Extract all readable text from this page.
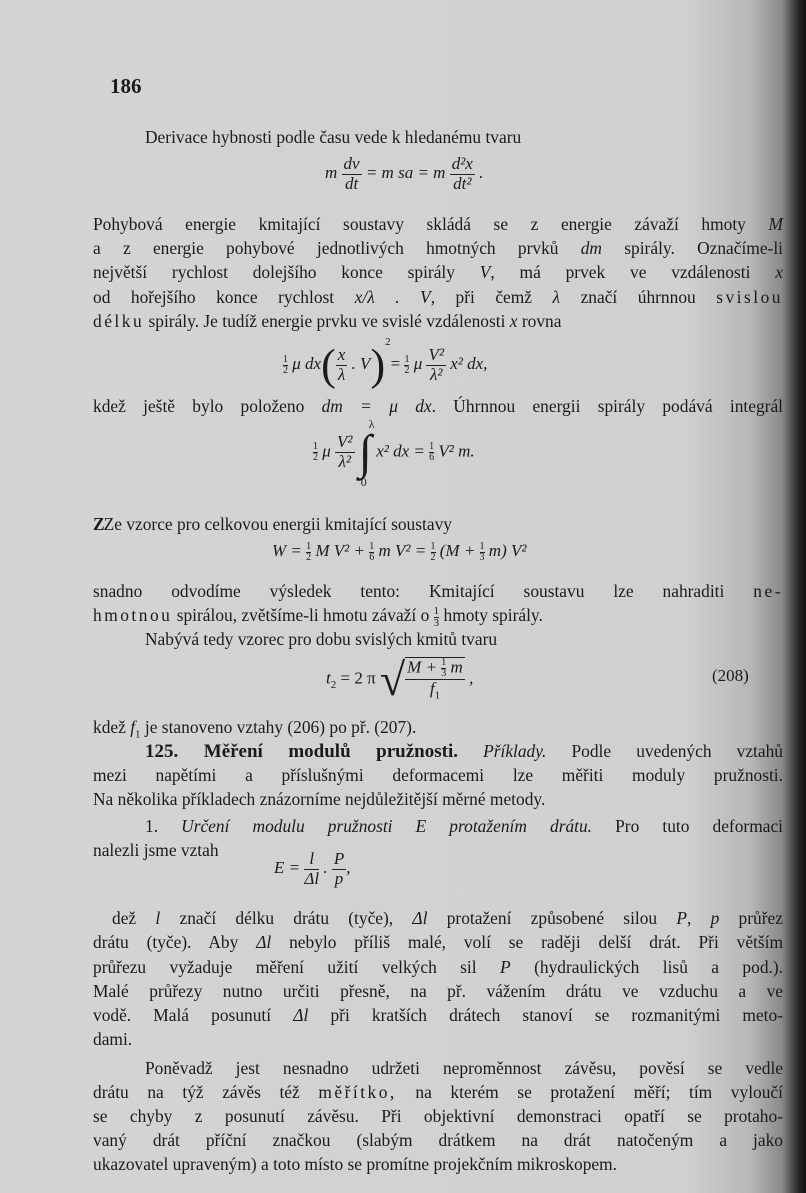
186
Derivace hybnosti podle času vede k hledanému tvaru
m $\frac{dv}{dt} = m$ sa = m $\frac{\text{d²x}}{\text{dt²}}$ .
Pohybová energie kmitající soustavy skládá se z energie závaží hmoty M
a z energie pohybové jednotlivých hmotných prvků dm spirály. Označíme-li
největší rychlost dolejšího konce spirály V, má prvek ve vzdálenosti x
od hořejšího konce rychlost x/λ . V, při čemž λ značí úhrnnou svislou
délku spirály. Je tudíž energie prvku ve svislé vzdálenosti x rovna
$\frac{1}{2}$ μ $dx( \frac{x}{\lambda}$ . $V)^2= \frac{1}{2}$ μ $\frac{\text{V²}}{\text{λ²}} x^2$ dx,
kdež ještě bylo položeno dm = μ dx. Úhrnnou energii spirály podává integrál
$\frac{1}{2}$ μ $\frac{\text{V²}}{\text{λ²}}$ ∫
λ
0
x² dx = $\frac{1}{6} V^2$ m.
ZZe vzorce pro celkovou energii kmitající soustavy
$W = \frac{1}{2}$ M $V^2 + \frac{1}{6}$ m $V^2 = \frac{1}{2} (M + \frac{1}{3} m)$ V²
snadno odvodíme výsledek tento: Kmitající soustavu lze nahraditi ne-
hmotnou spirálou, zvětšíme-li hmotu závaží o $\frac{1}{3}$ hmoty spirály.
Nabývá tedy vzorec pro dobu svislých kmitů tvaru
$t_2 = 2$ π √ $\frac{M + \frac{1}{3} m}{f_1}$ ,	(208)
kdež $f_1$ je stanoveno vztahy (206) po př. (207).
125. Měření modulů pružnosti. Příklady. Podle uvedených vztahů
mezi napětími a příslušnými deformacemi lze měřiti moduly pružnosti.
Na několika příkladech znázorníme nejdůležitější měrné metody.
1. Určení modulu pružnosti E protažením drátu. Pro tuto deformaci
nalezli jsme vztah
$E = \frac{l}{\Delta l}$ . $\frac{P}{p}$ ,
dež l značí délku drátu (tyče), Δl protažení způsobené silou P, p průřez
drátu (tyče). Aby Δl nebylo příliš malé, volí se raději delší drát. Při větším
průřezu vyžaduje měření užití velkých sil P (hydraulických lisů a pod.).
Malé průřezy nutno určiti přesně, na př. vážením drátu ve vzduchu a ve
vodě. Malá posunutí Δl při kratších drátech stanoví se rozmanitými meto-
dami.
Poněvadž jest nesnadno udržeti neproměnnost závěsu, pověsí se vedle
drátu na týž závěs též měřítko, na kterém se protažení měří; tím vyloučí
se chyby z posunutí závěsu. Při objektivní demonstraci opatří se protaho-
vaný drát příční značkou (slabým drátkem na drát natočeným a jako
ukazovatel upraveným) a toto místo se promítne projekčním mikroskopem.
